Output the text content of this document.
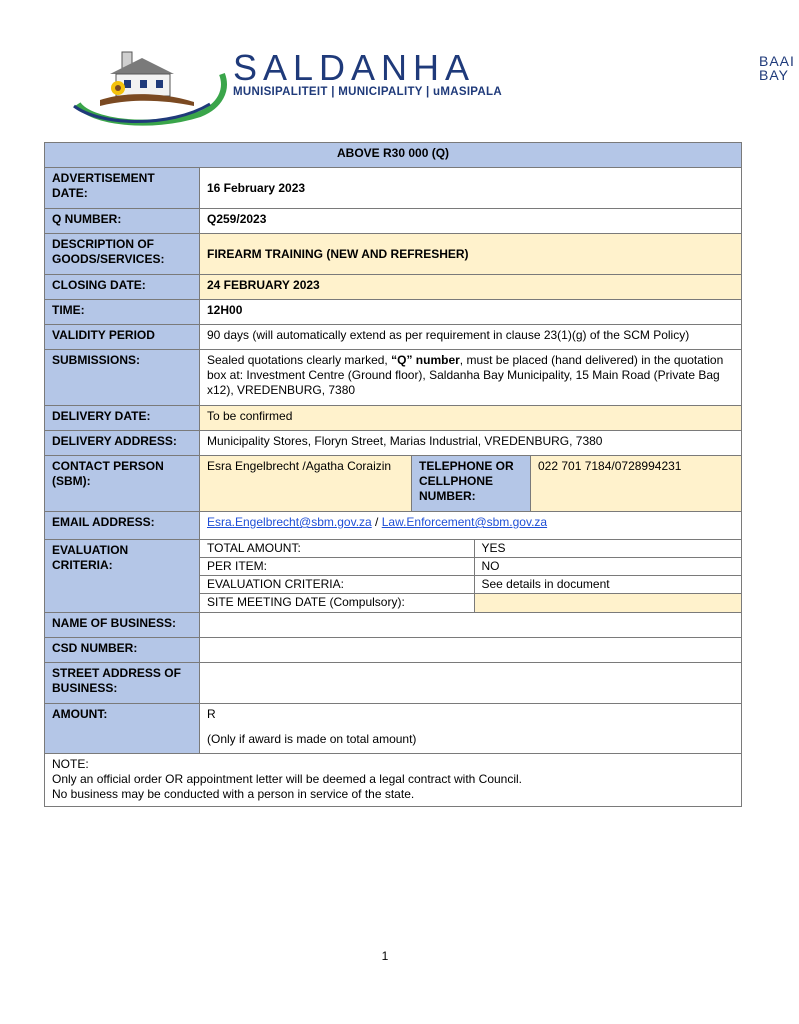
SALDANHA	BAAI
BAY
MUNISIPALITEIT | MUNICIPALITY | uMASIPALA
ABOVE R30 000 (Q)
ADVERTISEMENT DATE:	16 February 2023
Q NUMBER:	Q259/2023
DESCRIPTION OF GOODS/SERVICES:	FIREARM TRAINING (NEW AND REFRESHER)
CLOSING DATE:	24 FEBRUARY 2023
TIME:	12H00
VALIDITY PERIOD	90 days (will automatically extend as per requirement in clause 23(1)(g) of the SCM Policy)
SUBMISSIONS:	Sealed quotations clearly marked, “Q” number, must be placed (hand delivered) in the quotation box at: Investment Centre (Ground floor), Saldanha Bay Municipality, 15 Main Road (Private Bag x12), VREDENBURG, 7380
DELIVERY DATE:	To be confirmed
DELIVERY ADDRESS:	Municipality Stores, Floryn Street, Marias Industrial, VREDENBURG, 7380
CONTACT PERSON (SBM):	Esra Engelbrecht /Agatha Coraizin	TELEPHONE OR CELLPHONE NUMBER:	022 701 7184/0728994231
EMAIL ADDRESS:	Esra.Engelbrecht@sbm.gov.za / Law.Enforcement@sbm.gov.za
EVALUATION CRITERIA:	
TOTAL AMOUNT:	YES
PER ITEM:	NO
EVALUATION CRITERIA:	See details in document
SITE MEETING DATE (Compulsory):	

NAME OF BUSINESS:	
CSD NUMBER:	
STREET ADDRESS OF BUSINESS:	
AMOUNT:	R
(Only if award is made on total amount)

NOTE:
Only an official order OR appointment letter will be deemed a legal contract with Council.
No business may be conducted with a person in service of the state.
1
